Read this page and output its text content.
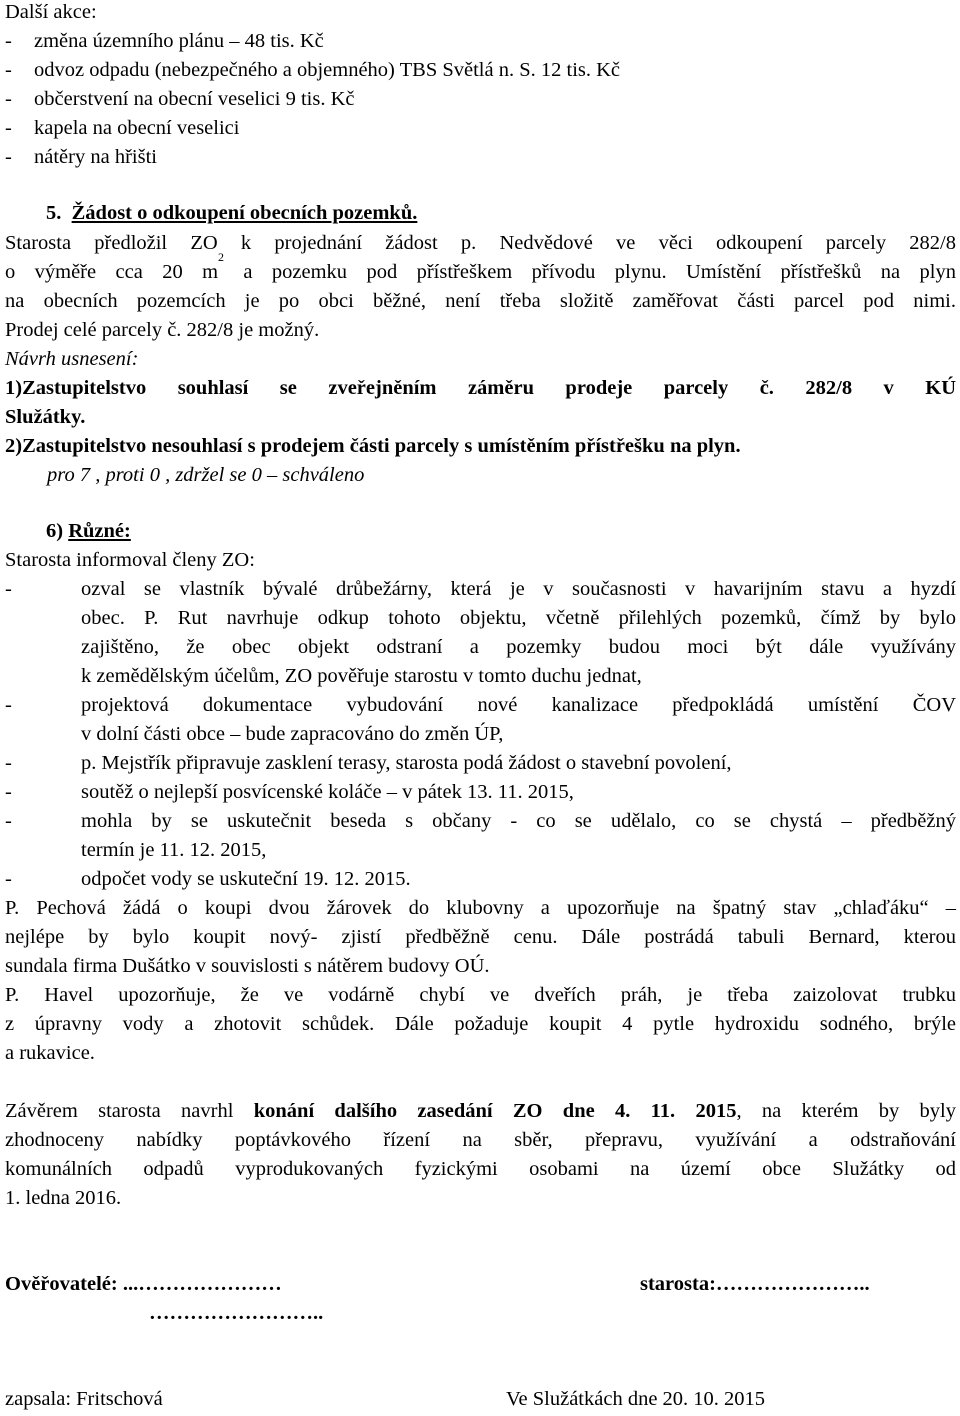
Další akce:
- změna územního plánu – 48 tis. Kč
- odvoz odpadu (nebezpečného a objemného) TBS Světlá n. S. 12 tis. Kč
- občerstvení na obecní veselici 9 tis. Kč
- kapela na obecní veselici
- nátěry na hřišti
5. Žádost o odkoupení obecních pozemků.
Starosta předložil ZO k projednání žádost p. Nedvědové ve věci odkoupení parcely 282/8
o výměře cca 20 $m^2$ a pozemku pod přístřeškem přívodu plynu. Umístění přístřešků na plyn
na obecních pozemcích je po obci běžné, není třeba složitě zaměřovat části parcel pod nimi.
Prodej celé parcely č. 282/8 je možný.
Návrh usnesení:
1)Zastupitelstvo souhlasí se zveřejněním záměru prodeje parcely č. 282/8 v KÚ
Služátky.
2)Zastupitelstvo nesouhlasí s prodejem části parcely s umístěním přístřešku na plyn.
pro 7 , proti 0 , zdržel se 0 – schváleno
6) Různé:
Starosta informoval členy ZO:
-	ozval se vlastník bývalé drůbežárny, která je v současnosti v havarijním stavu a hyzdí
obec. P. Rut navrhuje odkup tohoto objektu, včetně přilehlých pozemků, čímž by bylo
zajištěno, že obec objekt odstraní a pozemky budou moci být dále využívány
k zemědělským účelům, ZO pověřuje starostu v tomto duchu jednat,
-	projektová dokumentace vybudování nové kanalizace předpokládá umístění ČOV
v dolní části obce – bude zapracováno do změn ÚP,
-	p. Mejstřík připravuje zasklení terasy, starosta podá žádost o stavební povolení,
-	soutěž o nejlepší posvícenské koláče – v pátek 13. 11. 2015,
-	mohla by se uskutečnit beseda s občany - co se udělalo, co se chystá – předběžný
termín je 11. 12. 2015,
-	odpočet vody se uskuteční 19. 12. 2015.
P. Pechová žádá o koupi dvou žárovek do klubovny a upozorňuje na špatný stav „chlaďáku“ –
nejlépe by bylo koupit nový- zjistí předběžně cenu. Dále postrádá tabuli Bernard, kterou
sundala firma Dušátko v souvislosti s nátěrem budovy OÚ.
P. Havel upozorňuje, že ve vodárně chybí ve dveřích práh, je třeba zaizolovat trubku
z úpravny vody a zhotovit schůdek. Dále požaduje koupit 4 pytle hydroxidu sodného, brýle
a rukavice.
Závěrem starosta navrhl konání dalšího zasedání ZO dne 4. 11. 2015, na kterém by byly
zhodnoceny nabídky poptávkového řízení na sběr, přepravu, využívání a odstraňování
komunálních odpadů vyprodukovaných fyzickými osobami na území obce Služátky od
1. ledna 2016.
Ověřovatelé: ...…………………
……………………..
starosta:…………………..
zapsala: Fritschová	Ve Služátkách dne 20. 10. 2015
